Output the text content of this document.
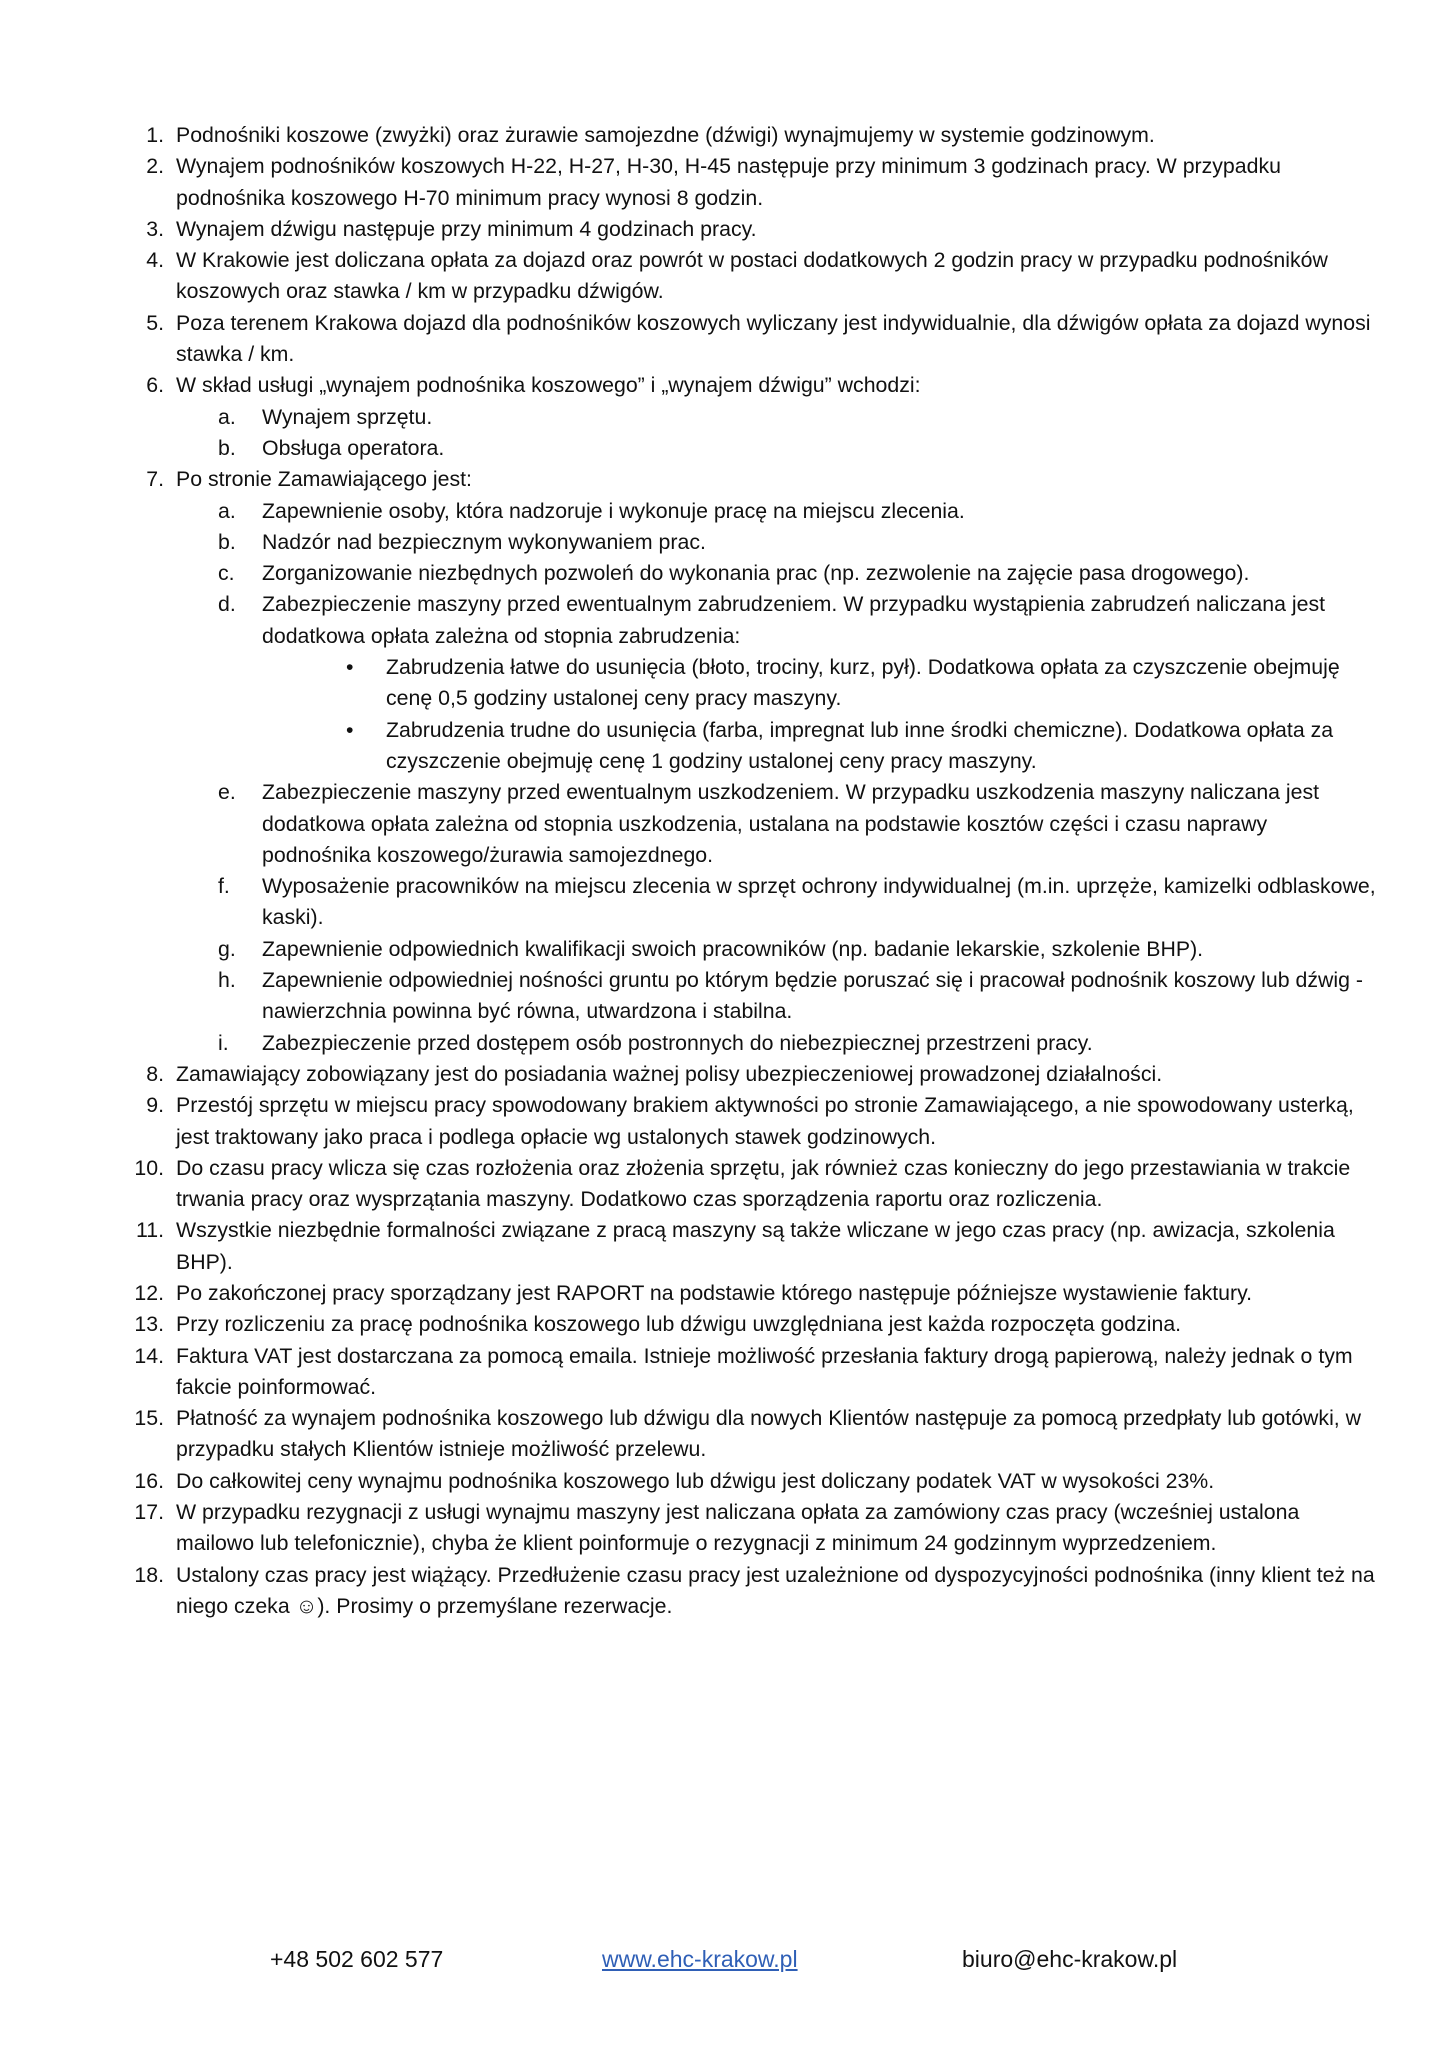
1. Podnośniki koszowe (zwyżki) oraz żurawie samojezdne (dźwigi) wynajmujemy w systemie godzinowym.
2. Wynajem podnośników koszowych H-22, H-27, H-30, H-45 następuje przy minimum 3 godzinach pracy. W przypadku podnośnika koszowego H-70 minimum pracy wynosi 8 godzin.
3. Wynajem dźwigu następuje przy minimum 4 godzinach pracy.
4. W Krakowie jest doliczana opłata za dojazd oraz powrót w postaci dodatkowych 2 godzin pracy w przypadku podnośników koszowych oraz stawka / km w przypadku dźwigów.
5. Poza terenem Krakowa dojazd dla podnośników koszowych wyliczany jest indywidualnie, dla dźwigów opłata za dojazd wynosi stawka / km.
6. W skład usługi „wynajem podnośnika koszowego” i „wynajem dźwigu” wchodzi:
a. Wynajem sprzętu.
b. Obsługa operatora.
7. Po stronie Zamawiającego jest:
a. Zapewnienie osoby, która nadzoruje i wykonuje pracę na miejscu zlecenia.
b. Nadzór nad bezpiecznym wykonywaniem prac.
c. Zorganizowanie niezbędnych pozwoleń do wykonania prac (np. zezwolenie na zajęcie pasa drogowego).
d. Zabezpieczenie maszyny przed ewentualnym zabrudzeniem. W przypadku wystąpienia zabrudzeń naliczana jest dodatkowa opłata zależna od stopnia zabrudzenia:
• Zabrudzenia łatwe do usunięcia (błoto, trociny, kurz, pył). Dodatkowa opłata za czyszczenie obejmuję cenę 0,5 godziny ustalonej ceny pracy maszyny.
• Zabrudzenia trudne do usunięcia (farba, impregnat lub inne środki chemiczne). Dodatkowa opłata za czyszczenie obejmuję cenę 1 godziny ustalonej ceny pracy maszyny.
e. Zabezpieczenie maszyny przed ewentualnym uszkodzeniem. W przypadku uszkodzenia maszyny naliczana jest dodatkowa opłata zależna od stopnia uszkodzenia, ustalana na podstawie kosztów części i czasu naprawy podnośnika koszowego/żurawia samojezdnego.
f. Wyposażenie pracowników na miejscu zlecenia w sprzęt ochrony indywidualnej (m.in. uprzęże, kamizelki odblaskowe, kaski).
g. Zapewnienie odpowiednich kwalifikacji swoich pracowników (np. badanie lekarskie, szkolenie BHP).
h. Zapewnienie odpowiedniej nośności gruntu po którym będzie poruszać się i pracował podnośnik koszowy lub dźwig - nawierzchnia powinna być równa, utwardzona i stabilna.
i. Zabezpieczenie przed dostępem osób postronnych do niebezpiecznej przestrzeni pracy.
8. Zamawiający zobowiązany jest do posiadania ważnej polisy ubezpieczeniowej prowadzonej działalności.
9. Przestój sprzętu w miejscu pracy spowodowany brakiem aktywności po stronie Zamawiającego, a nie spowodowany usterką, jest traktowany jako praca i podlega opłacie wg ustalonych stawek godzinowych.
10. Do czasu pracy wlicza się czas rozłożenia oraz złożenia sprzętu, jak również czas konieczny do jego przestawiania w trakcie trwania pracy oraz wysprzątania maszyny. Dodatkowo czas sporządzenia raportu oraz rozliczenia.
11. Wszystkie niezbędnie formalności związane z pracą maszyny są także wliczane w jego czas pracy (np. awizacja, szkolenia BHP).
12. Po zakończonej pracy sporządzany jest RAPORT na podstawie którego następuje późniejsze wystawienie faktury.
13. Przy rozliczeniu za pracę podnośnika koszowego lub dźwigu uwzględniana jest każda rozpoczęta godzina.
14. Faktura VAT jest dostarczana za pomocą emaila. Istnieje możliwość przesłania faktury drogą papierową, należy jednak o tym fakcie poinformować.
15. Płatność za wynajem podnośnika koszowego lub dźwigu dla nowych Klientów następuje za pomocą przedpłaty lub gotówki, w przypadku stałych Klientów istnieje możliwość przelewu.
16. Do całkowitej ceny wynajmu podnośnika koszowego lub dźwigu jest doliczany podatek VAT w wysokości 23%.
17. W przypadku rezygnacji z usługi wynajmu maszyny jest naliczana opłata za zamówiony czas pracy (wcześniej ustalona mailowo lub telefonicznie), chyba że klient poinformuje o rezygnacji z minimum 24 godzinnym wyprzedzeniem.
18. Ustalony czas pracy jest wiążący. Przedłużenie czasu pracy jest uzależnione od dyspozycyjności podnośnika (inny klient też na niego czeka ☺). Prosimy o przemyślane rezerwacje.
+48 502 602 577	www.ehc-krakow.pl	biuro@ehc-krakow.pl
